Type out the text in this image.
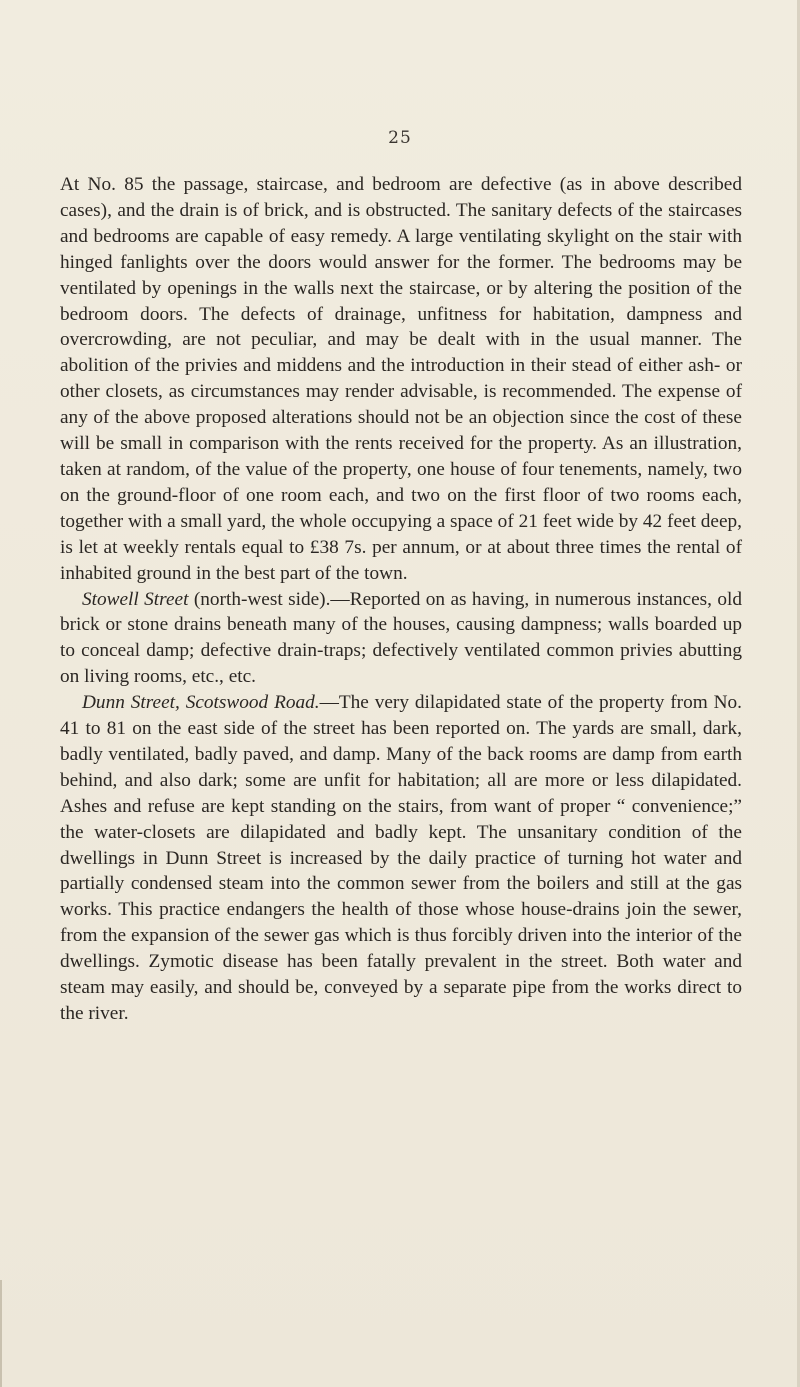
25

At No. 85 the passage, staircase, and bedroom are defective (as in above described cases), and the drain is of brick, and is obstructed. The sanitary defects of the staircases and bedrooms are capable of easy remedy. A large ventilating skylight on the stair with hinged fanlights over the doors would answer for the former. The bedrooms may be ventilated by openings in the walls next the staircase, or by altering the position of the bedroom doors. The defects of drainage, unfitness for habitation, dampness and overcrowding, are not peculiar, and may be dealt with in the usual manner. The abolition of the privies and middens and the introduction in their stead of either ash- or other closets, as circumstances may render advisable, is recommended. The expense of any of the above proposed alterations should not be an objection since the cost of these will be small in comparison with the rents received for the property. As an illustration, taken at random, of the value of the property, one house of four tenements, namely, two on the ground-floor of one room each, and two on the first floor of two rooms each, together with a small yard, the whole occupying a space of 21 feet wide by 42 feet deep, is let at weekly rentals equal to £38 7s. per annum, or at about three times the rental of inhabited ground in the best part of the town.

Stowell Street (north-west side).—Reported on as having, in numerous instances, old brick or stone drains beneath many of the houses, causing dampness; walls boarded up to conceal damp; defective drain-traps; defectively ventilated common privies abutting on living rooms, etc., etc.

Dunn Street, Scotswood Road.—The very dilapidated state of the property from No. 41 to 81 on the east side of the street has been reported on. The yards are small, dark, badly ventilated, badly paved, and damp. Many of the back rooms are damp from earth behind, and also dark; some are unfit for habitation; all are more or less dilapidated. Ashes and refuse are kept standing on the stairs, from want of proper “ convenience;” the water-closets are dilapidated and badly kept. The unsanitary condition of the dwellings in Dunn Street is increased by the daily practice of turning hot water and partially condensed steam into the common sewer from the boilers and still at the gas works. This practice endangers the health of those whose house-drains join the sewer, from the expansion of the sewer gas which is thus forcibly driven into the interior of the dwellings. Zymotic disease has been fatally prevalent in the street. Both water and steam may easily, and should be, conveyed by a separate pipe from the works direct to the river.
